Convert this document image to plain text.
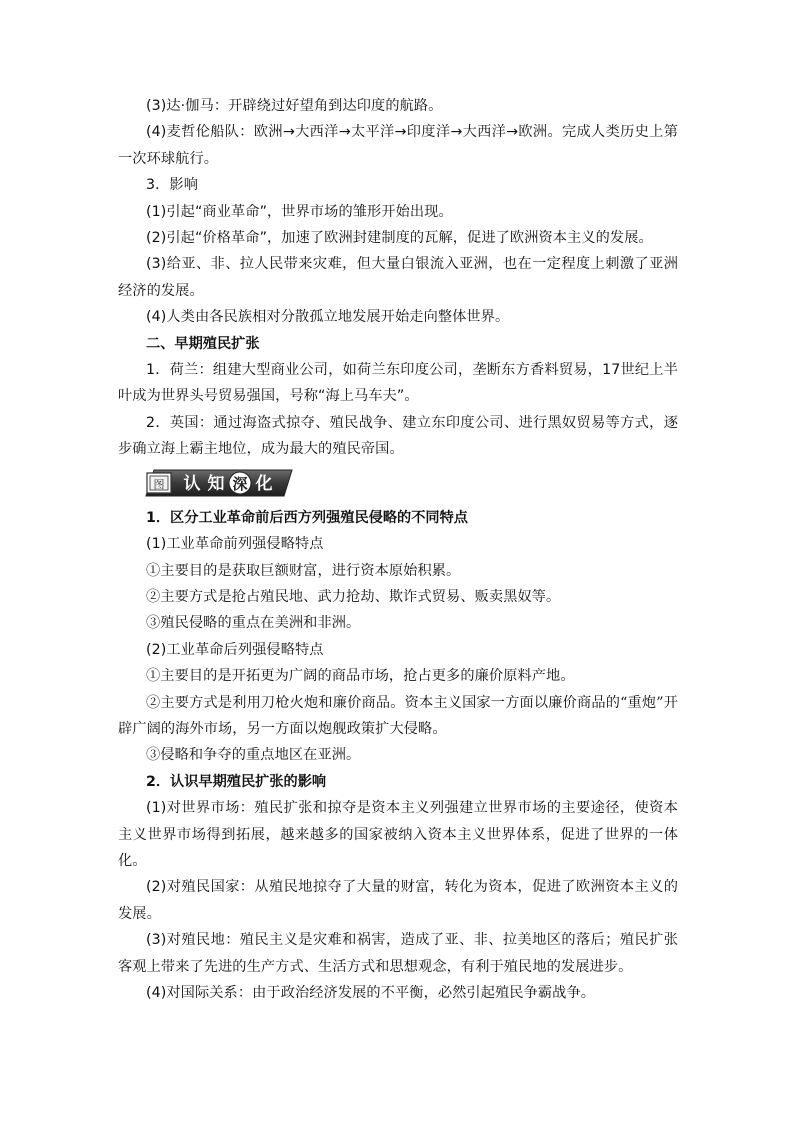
(3)达·伽马：开辟绕过好望角到达印度的航路。

(4)麦哲伦船队：欧洲→大西洋→太平洋→印度洋→大西洋→欧洲。完成人类历史上第一次环球航行。

3．影响

(1)引起“商业革命”，世界市场的雏形开始出现。

(2)引起“价格革命”，加速了欧洲封建制度的瓦解，促进了欧洲资本主义的发展。

(3)给亚、非、拉人民带来灾难，但大量白银流入亚洲，也在一定程度上刺激了亚洲经济的发展。

(4)人类由各民族相对分散孤立地发展开始走向整体世界。

二、早期殖民扩张

1．荷兰：组建大型商业公司，如荷兰东印度公司，垄断东方香料贸易，17世纪上半叶成为世界头号贸易强国，号称“海上马车夫”。

2．英国：通过海盗式掠夺、殖民战争、建立东印度公司、进行黑奴贸易等方式，逐步确立海上霸主地位，成为最大的殖民帝国。

图 认 知 深 化

1．区分工业革命前后西方列强殖民侵略的不同特点

(1)工业革命前列强侵略特点

①主要目的是获取巨额财富，进行资本原始积累。

②主要方式是抢占殖民地、武力抢劫、欺诈式贸易、贩卖黑奴等。

③殖民侵略的重点在美洲和非洲。

(2)工业革命后列强侵略特点

①主要目的是开拓更为广阔的商品市场，抢占更多的廉价原料产地。

②主要方式是利用刀枪火炮和廉价商品。资本主义国家一方面以廉价商品的“重炮”开辟广阔的海外市场，另一方面以炮舰政策扩大侵略。

③侵略和争夺的重点地区在亚洲。

2．认识早期殖民扩张的影响

(1)对世界市场：殖民扩张和掠夺是资本主义列强建立世界市场的主要途径，使资本主义世界市场得到拓展，越来越多的国家被纳入资本主义世界体系，促进了世界的一体化。

(2)对殖民国家：从殖民地掠夺了大量的财富，转化为资本，促进了欧洲资本主义的发展。

(3)对殖民地：殖民主义是灾难和祸害，造成了亚、非、拉美地区的落后；殖民扩张客观上带来了先进的生产方式、生活方式和思想观念，有利于殖民地的发展进步。

(4)对国际关系：由于政治经济发展的不平衡，必然引起殖民争霸战争。
